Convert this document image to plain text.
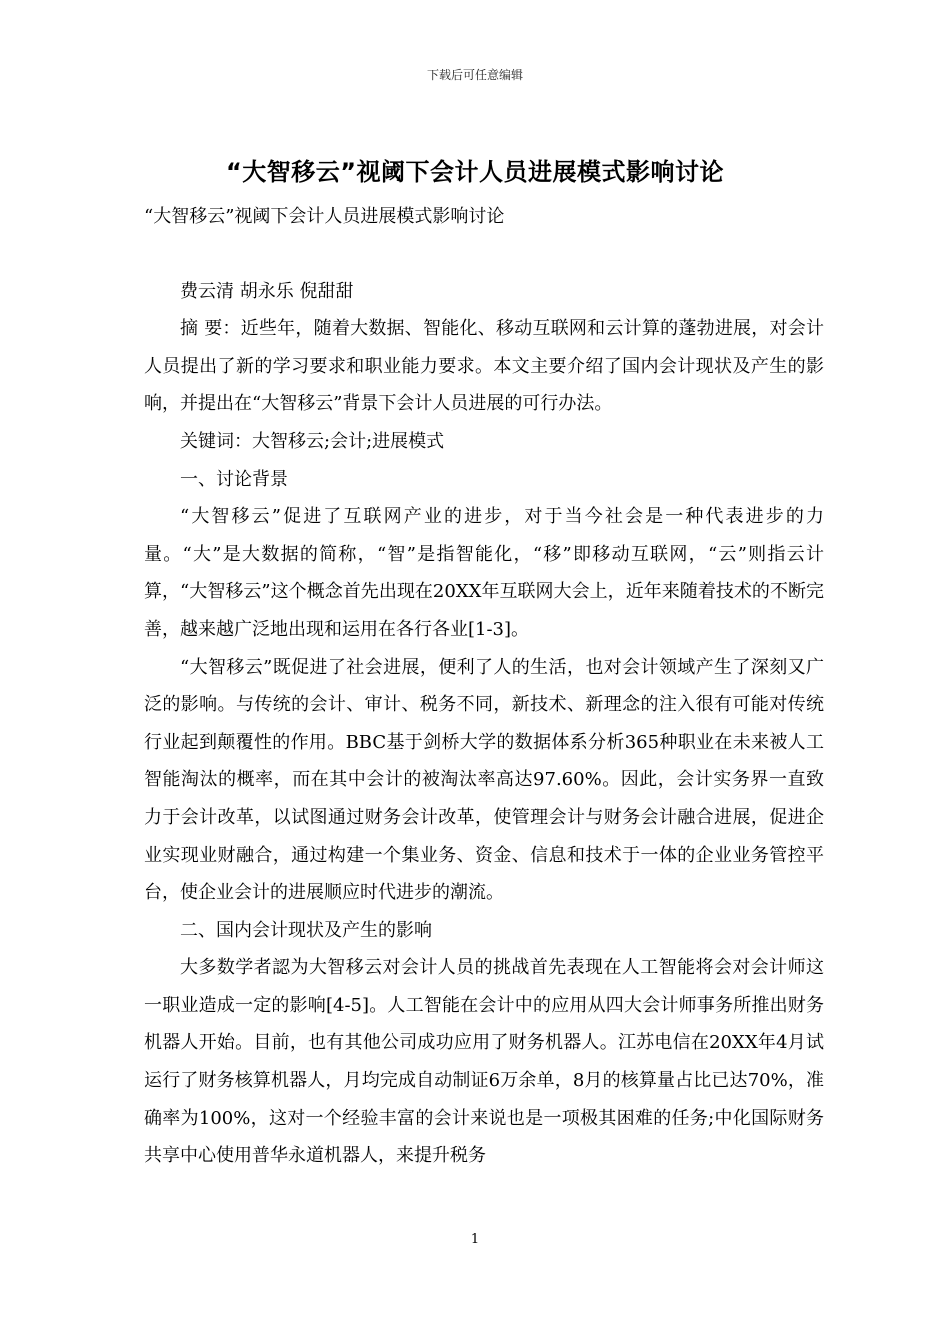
下载后可任意编辑
“大智移云”视阈下会计人员进展模式影响讨论

“大智移云”视阈下会计人员进展模式影响讨论

费云清 胡永乐 倪甜甜

摘 要：近些年，随着大数据、智能化、移动互联网和云计算的蓬勃进展，对会计人员提出了新的学习要求和职业能力要求。本文主要介绍了国内会计现状及产生的影响，并提出在“大智移云”背景下会计人员进展的可行办法。

关键词：大智移云;会计;进展模式

一、讨论背景

“大智移云”促进了互联网产业的进步，对于当今社会是一种代表进步的力量。“大”是大数据的简称，“智”是指智能化，“移”即移动互联网，“云”则指云计算，“大智移云”这个概念首先出现在20XX年互联网大会上，近年来随着技术的不断完善，越来越广泛地出现和运用在各行各业[1-3]。

“大智移云”既促进了社会进展，便利了人的生活，也对会计领域产生了深刻又广泛的影响。与传统的会计、审计、税务不同，新技术、新理念的注入很有可能对传统行业起到颠覆性的作用。BBC基于剑桥大学的数据体系分析365种职业在未来被人工智能淘汰的概率，而在其中会计的被淘汰率高达97.60%。因此，会计实务界一直致力于会计改革，以试图通过财务会计改革，使管理会计与财务会计融合进展，促进企业实现业财融合，通过构建一个集业务、资金、信息和技术于一体的企业业务管控平台，使企业会计的进展顺应时代进步的潮流。

二、国内会计现状及产生的影响

大多数学者認为大智移云对会计人员的挑战首先表现在人工智能将会对会计师这一职业造成一定的影响[4-5]。人工智能在会计中的应用从四大会计师事务所推出财务机器人开始。目前，也有其他公司成功应用了财务机器人。江苏电信在20XX年4月试运行了财务核算机器人，月均完成自动制证6万余单，8月的核算量占比已达70%，准确率为100%，这对一个经验丰富的会计来说也是一项极其困难的任务;中化国际财务共享中心使用普华永道机器人，来提升税务

1
